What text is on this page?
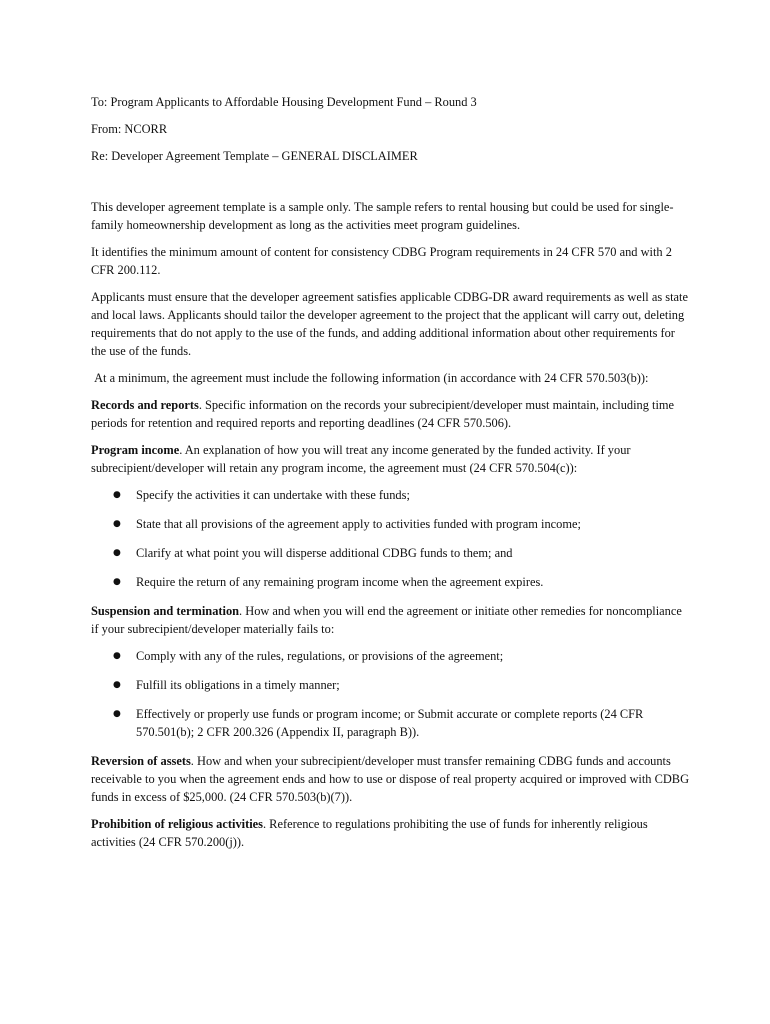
To: Program Applicants to Affordable Housing Development Fund – Round 3
From: NCORR
Re: Developer Agreement Template – GENERAL DISCLAIMER

This developer agreement template is a sample only. The sample refers to rental housing but could be used for single-family homeownership development as long as the activities meet program guidelines.

It identifies the minimum amount of content for consistency CDBG Program requirements in 24 CFR 570 and with 2 CFR 200.112.

Applicants must ensure that the developer agreement satisfies applicable CDBG-DR award requirements as well as state and local laws. Applicants should tailor the developer agreement to the project that the applicant will carry out, deleting requirements that do not apply to the use of the funds, and adding additional information about other requirements for the use of the funds.

At a minimum, the agreement must include the following information (in accordance with 24 CFR 570.503(b)):

Records and reports. Specific information on the records your subrecipient/developer must maintain, including time periods for retention and required reports and reporting deadlines (24 CFR 570.506).

Program income. An explanation of how you will treat any income generated by the funded activity. If your subrecipient/developer will retain any program income, the agreement must (24 CFR 570.504(c)):

● Specify the activities it can undertake with these funds;
● State that all provisions of the agreement apply to activities funded with program income;
● Clarify at what point you will disperse additional CDBG funds to them; and
● Require the return of any remaining program income when the agreement expires.

Suspension and termination. How and when you will end the agreement or initiate other remedies for noncompliance if your subrecipient/developer materially fails to:

● Comply with any of the rules, regulations, or provisions of the agreement;
● Fulfill its obligations in a timely manner;
● Effectively or properly use funds or program income; or Submit accurate or complete reports (24 CFR 570.501(b); 2 CFR 200.326 (Appendix II, paragraph B)).

Reversion of assets. How and when your subrecipient/developer must transfer remaining CDBG funds and accounts receivable to you when the agreement ends and how to use or dispose of real property acquired or improved with CDBG funds in excess of $25,000. (24 CFR 570.503(b)(7)).

Prohibition of religious activities. Reference to regulations prohibiting the use of funds for inherently religious activities (24 CFR 570.200(j)).
